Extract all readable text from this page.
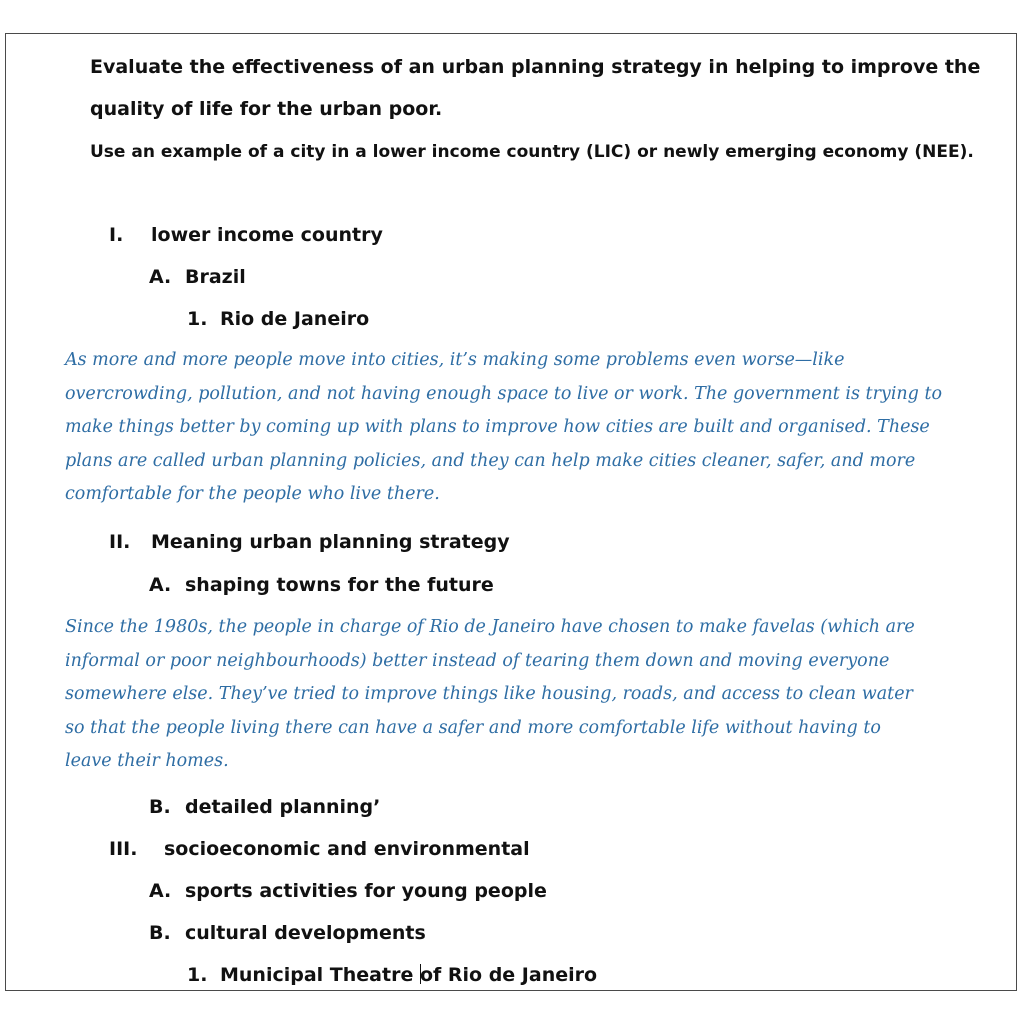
Evaluate the effectiveness of an urban planning strategy in helping to improve the
quality of life for the urban poor.
Use an example of a city in a lower income country (LIC) or newly emerging economy (NEE).
I. lower income country
A. Brazil
1. Rio de Janeiro
As more and more people move into cities, it’s making some problems even worse—like
overcrowding, pollution, and not having enough space to live or work. The government is trying to
make things better by coming up with plans to improve how cities are built and organised. These
plans are called urban planning policies, and they can help make cities cleaner, safer, and more
comfortable for the people who live there.
II. Meaning urban planning strategy
A. shaping towns for the future
Since the 1980s, the people in charge of Rio de Janeiro have chosen to make favelas (which are
informal or poor neighbourhoods) better instead of tearing them down and moving everyone
somewhere else. They’ve tried to improve things like housing, roads, and access to clean water
so that the people living there can have a safer and more comfortable life without having to
leave their homes.
B. detailed planning’
III. socioeconomic and environmental
A. sports activities for young people
B. cultural developments
1. Municipal Theatre of Rio de Janeiro
